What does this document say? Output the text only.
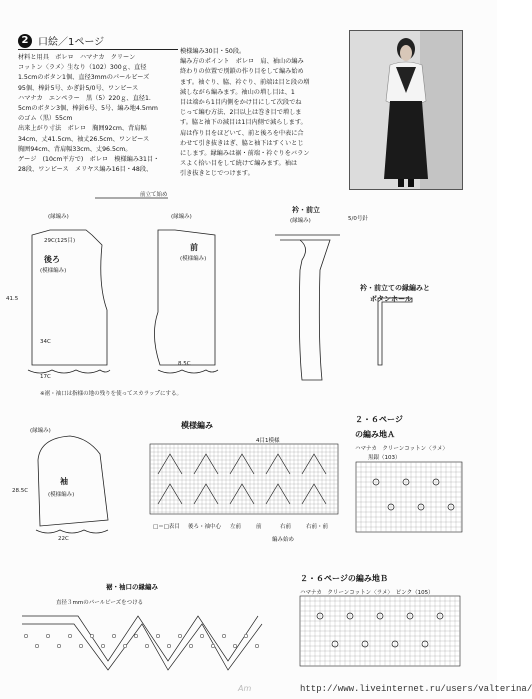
2 口絵／1ページ
材料と用具　ボレロ　ハマナカ　クリーン
コットン〈ラメ〉生なり（102）300ｇ、直径
1.5cmのボタン1個、直径3mmのパールビーズ
95個、棒針5号、かぎ針5/0号、ワンピース
ハマナカ　エンペラー　黒（5）220ｇ、直径1.
5cmのボタン3個、棒針6号、5号、編み地4.5mm
のゴム（黒）55cm
出来上がり寸法　ボレロ　胸囲92cm、背肩幅
34cm、丈41.5cm、袖丈26.5cm、ワンピース
胸囲94cm、背肩幅33cm、丈96.5cm。
ゲージ　(10cm平方で)　ボレロ　模様編み31目・
28段、ワンピース　メリヤス編み16目・48段、
模様編み30目・50段。
編み方のポイント　ボレロ　肩、袖山の編み
終わりの位置で別鎖の作り目をして編み始め
ます。袖ぐり、脇、衿ぐり、前端は目と段の増
減しながら編みます。袖山の増し目は、1
目は端から1目内側をかけ目にして次段でね
じって編む方法、2目以上は巻き目で増しま
す。脇と袖下の減目は1目内側で減らします。
肩は作り目をほどいて、前と後ろを中表に合
わせて引き抜きはぎ、脇と袖下はすくいとじ
にします。縁編みは裾・前端・衿ぐりをバラン
スよく拾い目をして続けて編みます。袖は
引き抜きとじでつけます。
前立て始め
(縁編み)	(縁編み)
後ろ
(模様編み)
前
(模様編み)
41.5
29C(125目)
34C
17C
8.5C
衿・前立
(縁編み)	5/0号針
衿・前立ての縁編みと
ボタンホール
※裾・袖口は指様の地の残りを使ってスカラップにする。
(縁編み)
袖
(模様編み)
28.5C
22C
模様編み
4目1模様
□＝□表目 後ろ・袖中心 左前	前	右前	右前・前
編み始め
２・６ページ
の編み地Ａ
ハマナカ　クリーンコットン〈ラメ〉
黒銀（103）
裾・袖口の縁編み
直径３mmのパールビーズをつける
２・６ページの編み地Ｂ
ハマナカ　クリーンコットン〈ラメ〉　ピンク（105）
Am	http://www.liveinternet.ru/users/valterina/
